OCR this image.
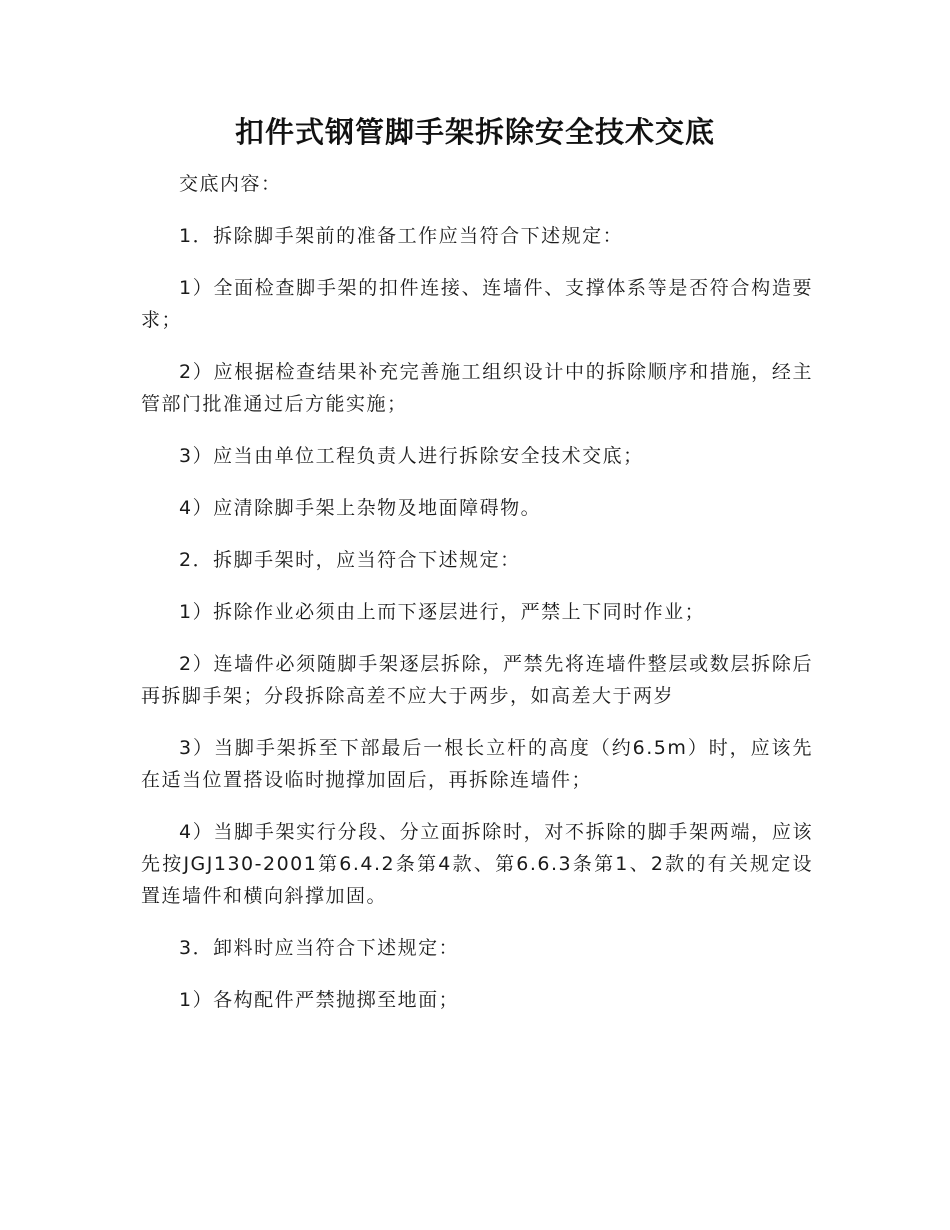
扣件式钢管脚手架拆除安全技术交底

交底内容：

1．拆除脚手架前的准备工作应当符合下述规定：

1）全面检查脚手架的扣件连接、连墙件、支撑体系等是否符合构造要求；

2）应根据检查结果补充完善施工组织设计中的拆除顺序和措施，经主管部门批准通过后方能实施；

3）应当由单位工程负责人进行拆除安全技术交底；

4）应清除脚手架上杂物及地面障碍物。

2．拆脚手架时，应当符合下述规定：

1）拆除作业必须由上而下逐层进行，严禁上下同时作业；

2）连墙件必须随脚手架逐层拆除，严禁先将连墙件整层或数层拆除后再拆脚手架；分段拆除高差不应大于两步，如高差大于两岁

3）当脚手架拆至下部最后一根长立杆的高度（约6.5m）时，应该先在适当位置搭设临时抛撑加固后，再拆除连墙件；

4）当脚手架实行分段、分立面拆除时，对不拆除的脚手架两端，应该先按JGJ130-2001第6.4.2条第4款、第6.6.3条第1、2款的有关规定设置连墙件和横向斜撑加固。

3．卸料时应当符合下述规定：

1）各构配件严禁抛掷至地面；
